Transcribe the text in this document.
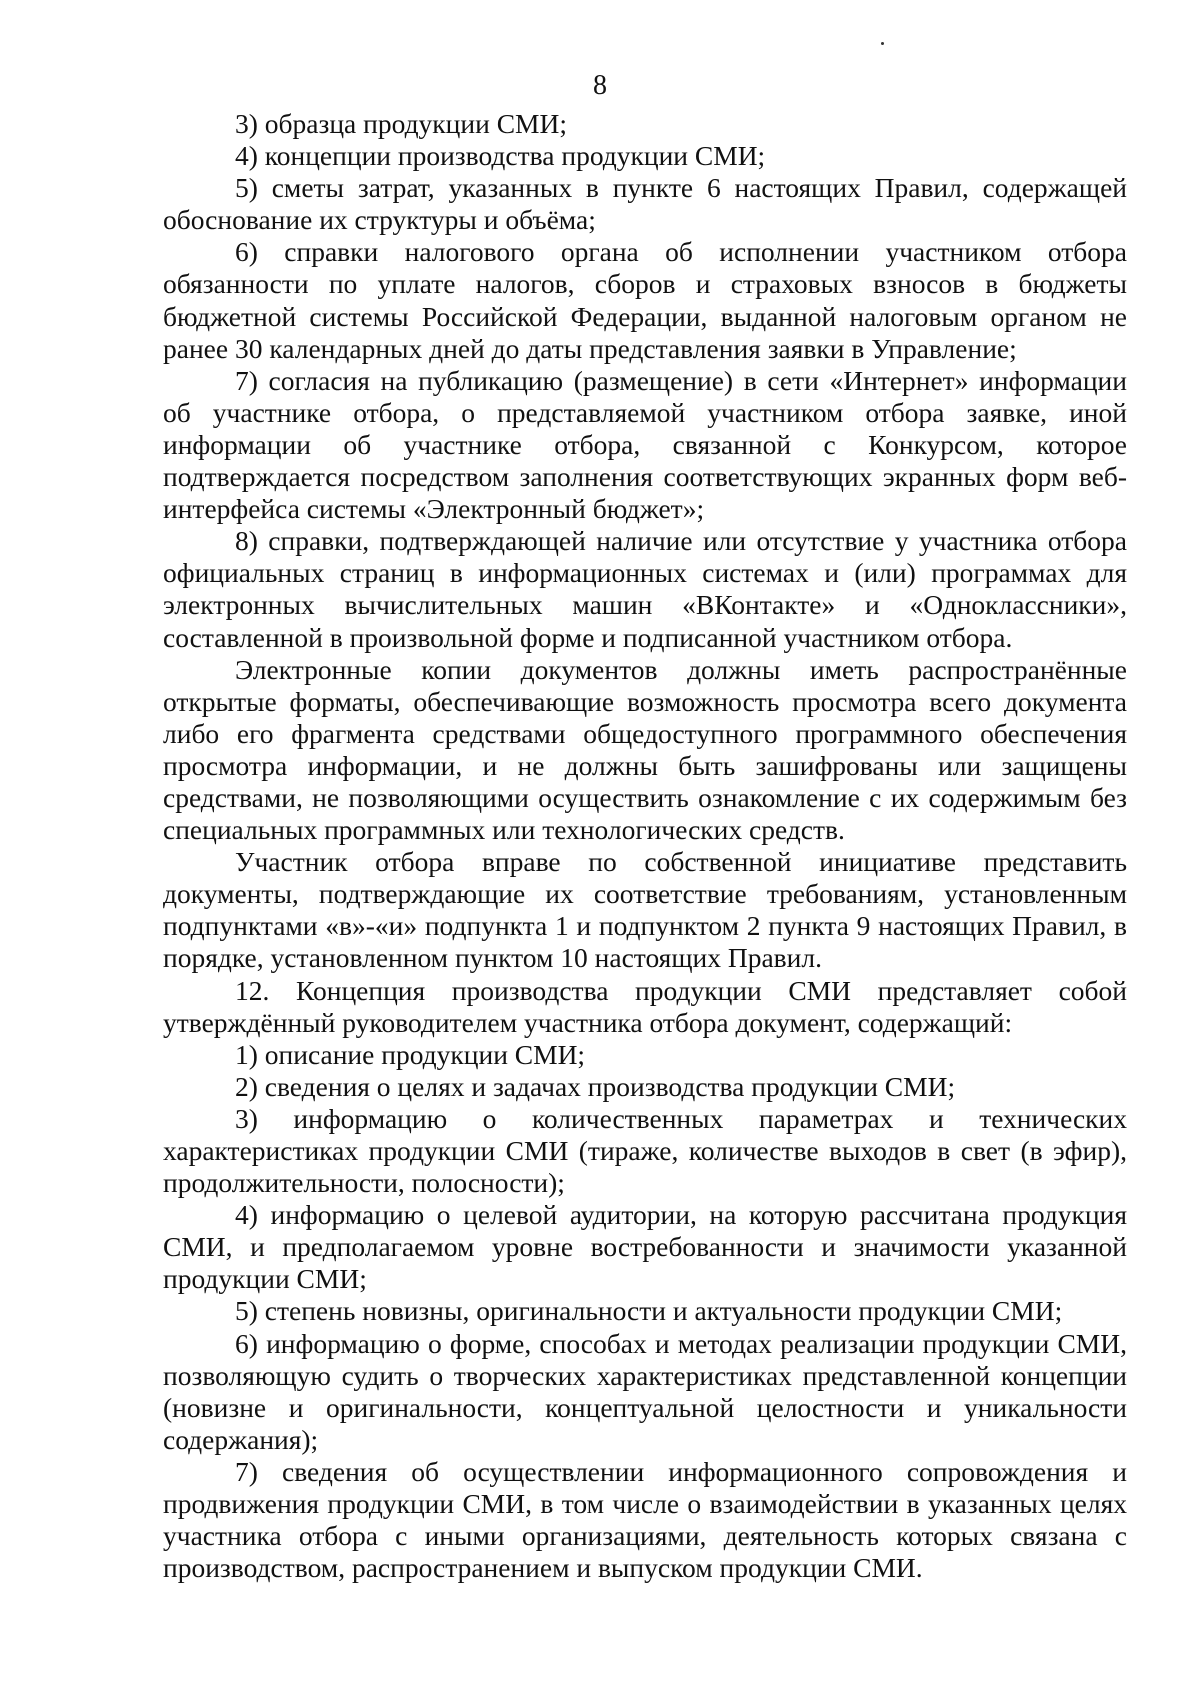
8

3) образца продукции СМИ;

4) концепции производства продукции СМИ;

5) сметы затрат, указанных в пункте 6 настоящих Правил, содержащей обоснование их структуры и объёма;

6) справки налогового органа об исполнении участником отбора обязанности по уплате налогов, сборов и страховых взносов в бюджеты бюджетной системы Российской Федерации, выданной налоговым органом не ранее 30 календарных дней до даты представления заявки в Управление;

7) согласия на публикацию (размещение) в сети «Интернет» информации об участнике отбора, о представляемой участником отбора заявке, иной информации об участнике отбора, связанной с Конкурсом, которое подтверждается посредством заполнения соответствующих экранных форм веб-интерфейса системы «Электронный бюджет»;

8) справки, подтверждающей наличие или отсутствие у участника отбора официальных страниц в информационных системах и (или) программах для электронных вычислительных машин «ВКонтакте» и «Одноклассники», составленной в произвольной форме и подписанной участником отбора.

Электронные копии документов должны иметь распространённые открытые форматы, обеспечивающие возможность просмотра всего документа либо его фрагмента средствами общедоступного программного обеспечения просмотра информации, и не должны быть зашифрованы или защищены средствами, не позволяющими осуществить ознакомление с их содержимым без специальных программных или технологических средств.

Участник отбора вправе по собственной инициативе представить документы, подтверждающие их соответствие требованиям, установленным подпунктами «в»-«и» подпункта 1 и подпунктом 2 пункта 9 настоящих Правил, в порядке, установленном пунктом 10 настоящих Правил.

12. Концепция производства продукции СМИ представляет собой утверждённый руководителем участника отбора документ, содержащий:

1) описание продукции СМИ;

2) сведения о целях и задачах производства продукции СМИ;

3) информацию о количественных параметрах и технических характеристиках продукции СМИ (тираже, количестве выходов в свет (в эфир), продолжительности, полосности);

4) информацию о целевой аудитории, на которую рассчитана продукция СМИ, и предполагаемом уровне востребованности и значимости указанной продукции СМИ;

5) степень новизны, оригинальности и актуальности продукции СМИ;

6) информацию о форме, способах и методах реализации продукции СМИ, позволяющую судить о творческих характеристиках представленной концепции (новизне и оригинальности, концептуальной целостности и уникальности содержания);

7) сведения об осуществлении информационного сопровождения и продвижения продукции СМИ, в том числе о взаимодействии в указанных целях участника отбора с иными организациями, деятельность которых связана с производством, распространением и выпуском продукции СМИ.
